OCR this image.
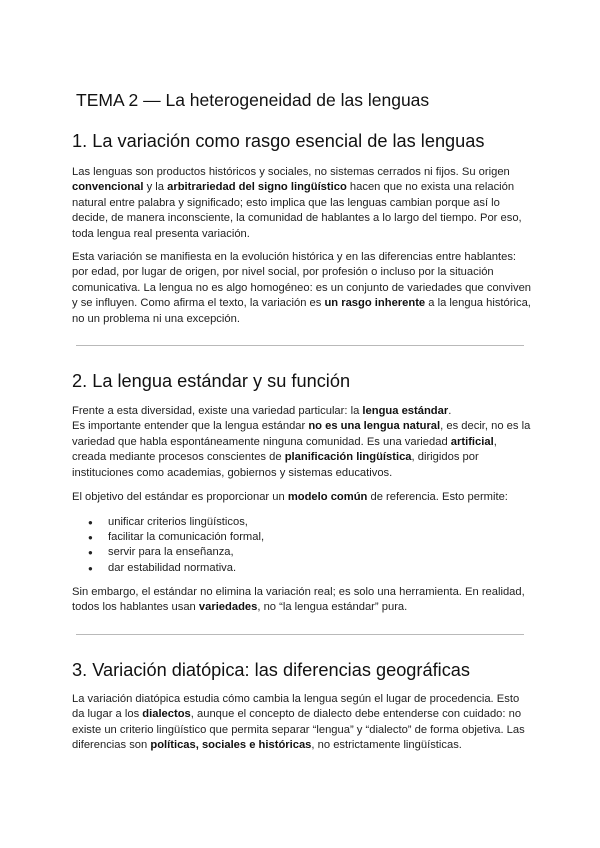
TEMA 2 — La heterogeneidad de las lenguas
1. La variación como rasgo esencial de las lenguas

Las lenguas son productos históricos y sociales, no sistemas cerrados ni fijos. Su origen convencional y la arbitrariedad del signo lingüístico hacen que no exista una relación natural entre palabra y significado; esto implica que las lenguas cambian porque así lo decide, de manera inconsciente, la comunidad de hablantes a lo largo del tiempo. Por eso, toda lengua real presenta variación.

Esta variación se manifiesta en la evolución histórica y en las diferencias entre hablantes: por edad, por lugar de origen, por nivel social, por profesión o incluso por la situación comunicativa. La lengua no es algo homogéneo: es un conjunto de variedades que conviven y se influyen. Como afirma el texto, la variación es un rasgo inherente a la lengua histórica, no un problema ni una excepción.

2. La lengua estándar y su función

Frente a esta diversidad, existe una variedad particular: la lengua estándar.
Es importante entender que la lengua estándar no es una lengua natural, es decir, no es la variedad que habla espontáneamente ninguna comunidad. Es una variedad artificial, creada mediante procesos conscientes de planificación lingüística, dirigidos por instituciones como academias, gobiernos y sistemas educativos.

El objetivo del estándar es proporcionar un modelo común de referencia. Esto permite:

● unificar criterios lingüísticos,
● facilitar la comunicación formal,
● servir para la enseñanza,
● dar estabilidad normativa.

Sin embargo, el estándar no elimina la variación real; es solo una herramienta. En realidad, todos los hablantes usan variedades, no “la lengua estándar” pura.

3. Variación diatópica: las diferencias geográficas

La variación diatópica estudia cómo cambia la lengua según el lugar de procedencia. Esto da lugar a los dialectos, aunque el concepto de dialecto debe entenderse con cuidado: no existe un criterio lingüístico que permita separar “lengua” y “dialecto” de forma objetiva. Las diferencias son políticas, sociales e históricas, no estrictamente lingüísticas.
